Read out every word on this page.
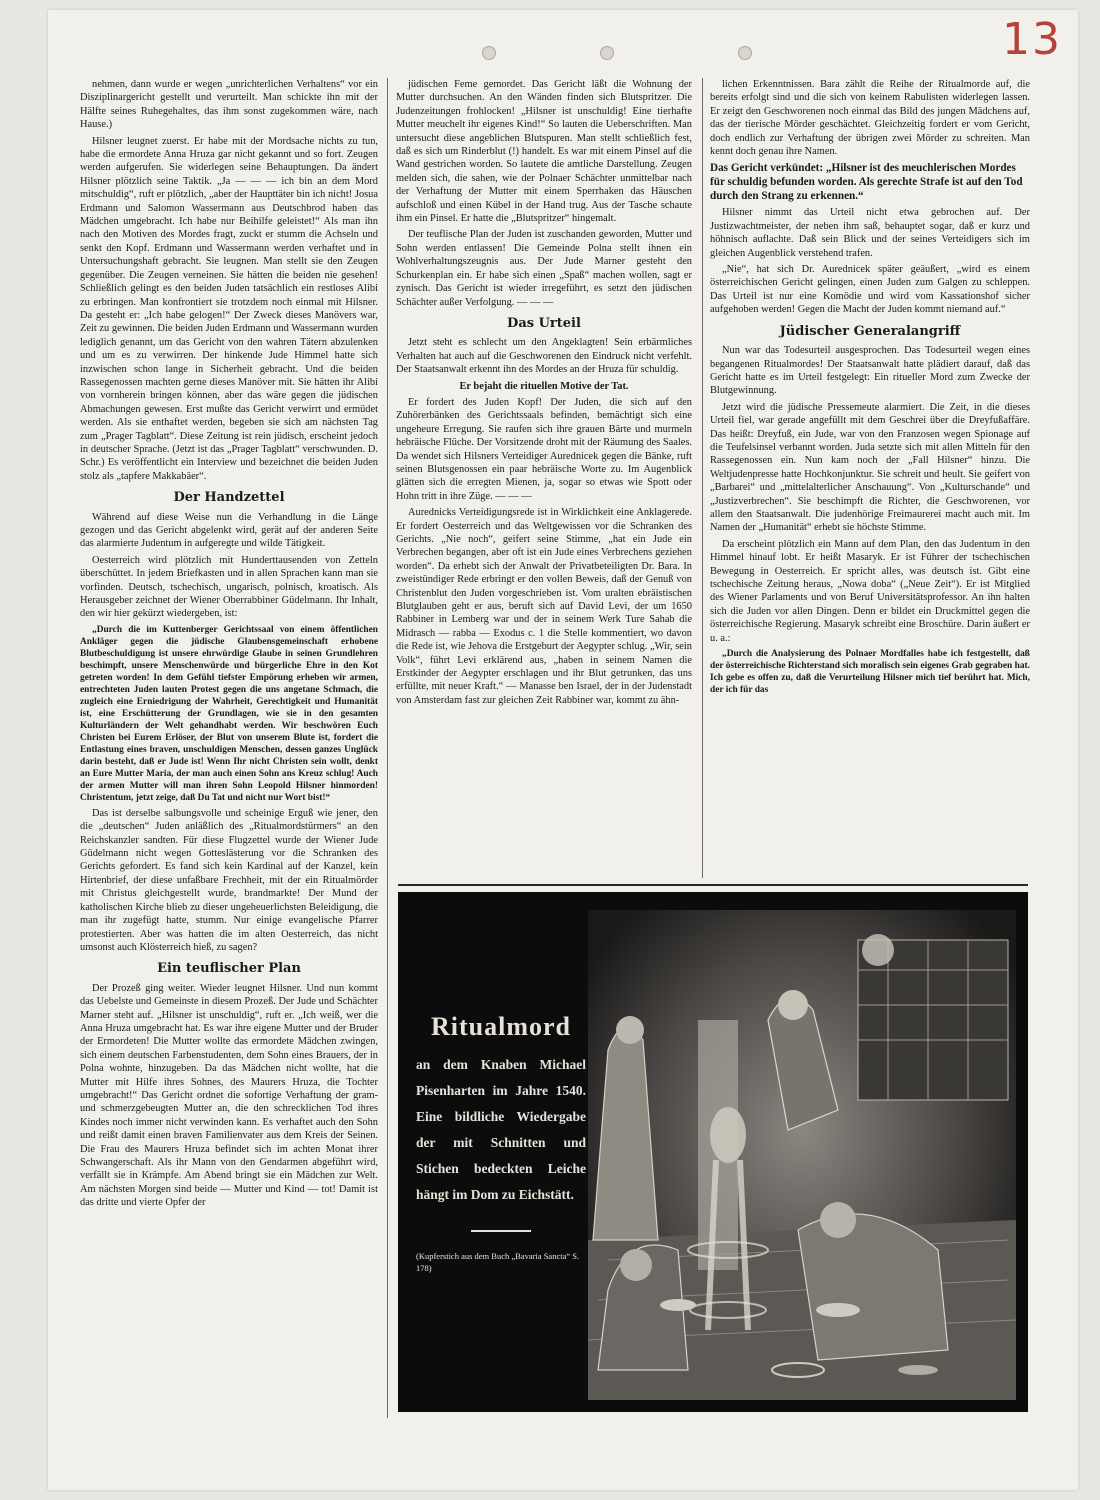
13

nehmen, dann wurde er wegen „unrichterlichen Verhaltens“ vor ein Disziplinargericht gestellt und verurteilt. Man schickte ihn mit der Hälfte seines Ruhegehaltes, das ihm sonst zugekommen wäre, nach Hause.)

Hilsner leugnet zuerst. Er habe mit der Mordsache nichts zu tun, habe die ermordete Anna Hruza gar nicht gekannt und so fort. Zeugen werden aufgerufen. Sie widerlegen seine Behauptungen. Da ändert Hilsner plötzlich seine Taktik. „Ja — — — ich bin an dem Mord mitschuldig“, ruft er plötzlich, „aber der Haupttäter bin ich nicht! Josua Erdmann und Salomon Wassermann aus Deutschbrod haben das Mädchen umgebracht. Ich habe nur Beihilfe geleistet!“ Als man ihn nach den Motiven des Mordes fragt, zuckt er stumm die Achseln und senkt den Kopf. Erdmann und Wassermann werden verhaftet und in Untersuchungshaft gebracht. Sie leugnen. Man stellt sie den Zeugen gegenüber. Die Zeugen verneinen. Sie hätten die beiden nie gesehen! Schließlich gelingt es den beiden Juden tatsächlich ein restloses Alibi zu erbringen. Man konfrontiert sie trotzdem noch einmal mit Hilsner. Da gesteht er: „Ich habe gelogen!“ Der Zweck dieses Manövers war, Zeit zu gewinnen. Die beiden Juden Erdmann und Wassermann wurden lediglich genannt, um das Gericht von den wahren Tätern abzulenken und um es zu verwirren. Der hinkende Jude Himmel hatte sich inzwischen schon lange in Sicherheit gebracht. Und die beiden Rassegenossen machten gerne dieses Manöver mit. Sie hätten ihr Alibi von vornherein bringen können, aber das wäre gegen die jüdischen Abmachungen gewesen. Erst mußte das Gericht verwirrt und ermüdet werden. Als sie enthaftet werden, begeben sie sich am nächsten Tag zum „Prager Tagblatt“. Diese Zeitung ist rein jüdisch, erscheint jedoch in deutscher Sprache. (Jetzt ist das „Prager Tagblatt“ verschwunden. D. Schr.) Es veröffentlicht ein Interview und bezeichnet die beiden Juden stolz als „tapfere Makkabäer“.

Der Handzettel

Während auf diese Weise nun die Verhandlung in die Länge gezogen und das Gericht abgelenkt wird, gerät auf der anderen Seite das alarmierte Judentum in aufgeregte und wilde Tätigkeit.

Oesterreich wird plötzlich mit Hunderttausenden von Zetteln überschüttet. In jedem Briefkasten und in allen Sprachen kann man sie vorfinden. Deutsch, tschechisch, ungarisch, polnisch, kroatisch. Als Herausgeber zeichnet der Wiener Oberrabbiner Güdelmann. Ihr Inhalt, den wir hier gekürzt wiedergeben, ist:

„Durch die im Kuttenberger Gerichtssaal von einem öffentlichen Ankläger gegen die jüdische Glaubensgemeinschaft erhobene Blutbeschuldigung ist unsere ehrwürdige Glaube in seinen Grundlehren beschimpft, unsere Menschenwürde und bürgerliche Ehre in den Kot getreten worden! In dem Gefühl tiefster Empörung erheben wir armen, entrechteten Juden lauten Protest gegen die uns angetane Schmach, die zugleich eine Erniedrigung der Wahrheit, Gerechtigkeit und Humanität ist, eine Erschütterung der Grundlagen, wie sie in den gesamten Kulturländern der Welt gehandhabt werden. Wir beschwören Euch Christen bei Eurem Erlöser, der Blut von unserem Blute ist, fordert die Entlastung eines braven, unschuldigen Menschen, dessen ganzes Unglück darin besteht, daß er Jude ist! Wenn Ihr nicht Christen sein wollt, denkt an Eure Mutter Maria, der man auch einen Sohn ans Kreuz schlug! Auch der armen Mutter will man ihren Sohn Leopold Hilsner hinmorden! Christentum, jetzt zeige, daß Du Tat und nicht nur Wort bist!“

Das ist derselbe salbungsvolle und scheinige Erguß wie jener, den die „deutschen“ Juden anläßlich des „Ritualmordstürmers“ an den Reichskanzler sandten. Für diese Flugzettel wurde der Wiener Jude Güdelmann nicht wegen Gotteslästerung vor die Schranken des Gerichts gefordert. Es fand sich kein Kardinal auf der Kanzel, kein Hirtenbrief, der diese unfaßbare Frechheit, mit der ein Ritualmörder mit Christus gleichgestellt wurde, brandmarkte! Der Mund der katholischen Kirche blieb zu dieser ungeheuerlichsten Beleidigung, die man ihr zugefügt hatte, stumm. Nur einige evangelische Pfarrer protestierten. Aber was hatten die im alten Oesterreich, das nicht umsonst auch Klösterreich hieß, zu sagen?

Ein teuflischer Plan

Der Prozeß ging weiter. Wieder leugnet Hilsner. Und nun kommt das Uebelste und Gemeinste in diesem Prozeß. Der Jude und Schächter Marner steht auf. „Hilsner ist unschuldig“, ruft er. „Ich weiß, wer die Anna Hruza umgebracht hat. Es war ihre eigene Mutter und der Bruder der Ermordeten! Die Mutter wollte das ermordete Mädchen zwingen, sich einem deutschen Farbenstudenten, dem Sohn eines Brauers, der in Polna wohnte, hinzugeben. Da das Mädchen nicht wollte, hat die Mutter mit Hilfe ihres Sohnes, des Maurers Hruza, die Tochter umgebracht!“ Das Gericht ordnet die sofortige Verhaftung der gram- und schmerzgebeugten Mutter an, die den schrecklichen Tod ihres Kindes noch immer nicht verwinden kann. Es verhaftet auch den Sohn und reißt damit einen braven Familienvater aus dem Kreis der Seinen. Die Frau des Maurers Hruza befindet sich im achten Monat ihrer Schwangerschaft. Als ihr Mann von den Gendarmen abgeführt wird, verfällt sie in Krämpfe. Am Abend bringt sie ein Mädchen zur Welt. Am nächsten Morgen sind beide — Mutter und Kind — tot! Damit ist das dritte und vierte Opfer der

jüdischen Feme gemordet. Das Gericht läßt die Wohnung der Mutter durchsuchen. An den Wänden finden sich Blutspritzer. Die Judenzeitungen frohlocken! „Hilsner ist unschuldig! Eine tierhafte Mutter meuchelt ihr eigenes Kind!“ So lauten die Ueberschriften. Man untersucht diese angeblichen Blutspuren. Man stellt schließlich fest, daß es sich um Rinderblut (!) handelt. Es war mit einem Pinsel auf die Wand gestrichen worden. So lautete die amtliche Darstellung. Zeugen melden sich, die sahen, wie der Polnaer Schächter unmittelbar nach der Verhaftung der Mutter mit einem Sperrhaken das Häuschen aufschloß und einen Kübel in der Hand trug. Aus der Tasche schaute ihm ein Pinsel. Er hatte die „Blutspritzer“ hingemalt.

Der teuflische Plan der Juden ist zuschanden geworden, Mutter und Sohn werden entlassen! Die Gemeinde Polna stellt ihnen ein Wohlverhaltungszeugnis aus. Der Jude Marner gesteht den Schurkenplan ein. Er habe sich einen „Spaß“ machen wollen, sagt er zynisch. Das Gericht ist wieder irregeführt, es setzt den jüdischen Schächter außer Verfolgung. — — —

Das Urteil

Jetzt steht es schlecht um den Angeklagten! Sein erbärmliches Verhalten hat auch auf die Geschworenen den Eindruck nicht verfehlt. Der Staatsanwalt erkennt ihn des Mordes an der Hruza für schuldig.

Er bejaht die rituellen Motive der Tat.

Er fordert des Juden Kopf! Der Juden, die sich auf den Zuhörerbänken des Gerichtssaals befinden, bemächtigt sich eine ungeheure Erregung. Sie raufen sich ihre grauen Bärte und murmeln hebräische Flüche. Der Vorsitzende droht mit der Räumung des Saales. Da wendet sich Hilsners Verteidiger Aurednicek gegen die Bänke, ruft seinen Blutsgenossen ein paar hebräische Worte zu. Im Augenblick glätten sich die erregten Mienen, ja, sogar so etwas wie Spott oder Hohn tritt in ihre Züge. — — —

Aurednicks Verteidigungsrede ist in Wirklichkeit eine Anklagerede. Er fordert Oesterreich und das Weltgewissen vor die Schranken des Gerichts. „Nie noch“, geifert seine Stimme, „hat ein Jude ein Verbrechen begangen, aber oft ist ein Jude eines Verbrechens geziehen worden“. Da erhebt sich der Anwalt der Privatbeteiligten Dr. Bara. In zweistündiger Rede erbringt er den vollen Beweis, daß der Genuß von Christenblut den Juden vorgeschrieben ist. Vom uralten ebräistischen Blutglauben geht er aus, beruft sich auf David Levi, der um 1650 Rabbiner in Lemberg war und der in seinem Werk Ture Sahab die Midrasch — rabba — Exodus c. 1 die Stelle kommentiert, wo davon die Rede ist, wie Jehova die Erstgeburt der Aegypter schlug. „Wir, sein Volk“, führt Levi erklärend aus, „haben in seinem Namen die Erstkinder der Aegypter erschlagen und ihr Blut getrunken, das uns erfüllte, mit neuer Kraft.“ — Manasse ben Israel, der in der Judenstadt von Amsterdam fast zur gleichen Zeit Rabbiner war, kommt zu ähn-

lichen Erkenntnissen. Bara zählt die Reihe der Ritualmorde auf, die bereits erfolgt sind und die sich von keinem Rabulisten widerlegen lassen. Er zeigt den Geschworenen noch einmal das Bild des jungen Mädchens auf, das der tierische Mörder geschächtet. Gleichzeitig fordert er vom Gericht, doch endlich zur Verhaftung der übrigen zwei Mörder zu schreiten. Man kennt doch genau ihre Namen.

Das Gericht verkündet: „Hilsner ist des meuchlerischen Mordes für schuldig befunden worden. Als gerechte Strafe ist auf den Tod durch den Strang zu erkennen.“

Hilsner nimmt das Urteil nicht etwa gebrochen auf. Der Justizwachtmeister, der neben ihm saß, behauptet sogar, daß er kurz und höhnisch auflachte. Daß sein Blick und der seines Verteidigers sich im gleichen Augenblick verstehend trafen.

„Nie“, hat sich Dr. Aurednicek später geäußert, „wird es einem österreichischen Gericht gelingen, einen Juden zum Galgen zu schleppen. Das Urteil ist nur eine Komödie und wird vom Kassationshof sicher aufgehoben werden! Gegen die Macht der Juden kommt niemand auf.“

Jüdischer Generalangriff

Nun war das Todesurteil ausgesprochen. Das Todesurteil wegen eines begangenen Ritualmordes! Der Staatsanwalt hatte plädiert darauf, daß das Gericht hatte es im Urteil festgelegt: Ein ritueller Mord zum Zwecke der Blutgewinnung.

Jetzt wird die jüdische Pressemeute alarmiert. Die Zeit, in die dieses Urteil fiel, war gerade angefüllt mit dem Geschrei über die Dreyfußaffäre. Das heißt: Dreyfuß, ein Jude, war von den Franzosen wegen Spionage auf die Teufelsinsel verbannt worden. Juda setzte sich mit allen Mitteln für den Rassegenossen ein. Nun kam noch der „Fall Hilsner“ hinzu. Die Weltjudenpresse hatte Hochkonjunktur. Sie schreit und heult. Sie geifert von „Barbarei“ und „mittelalterlicher Anschauung“. Von „Kulturschande“ und „Justizverbrechen“. Sie beschimpft die Richter, die Geschworenen, vor allem den Staatsanwalt. Die judenhörige Freimaurerei macht auch mit. Im Namen der „Humanität“ erhebt sie höchste Stimme.

Da erscheint plötzlich ein Mann auf dem Plan, den das Judentum in den Himmel hinauf lobt. Er heißt Masaryk. Er ist Führer der tschechischen Bewegung in Oesterreich. Er spricht alles, was deutsch ist. Gibt eine tschechische Zeitung heraus, „Nowa doba“ („Neue Zeit“). Er ist Mitglied des Wiener Parlaments und von Beruf Universitätsprofessor. An ihn halten sich die Juden vor allen Dingen. Denn er bildet ein Druckmittel gegen die österreichische Regierung. Masaryk schreibt eine Broschüre. Darin äußert er u. a.:

„Durch die Analysierung des Polnaer Mordfalles habe ich festgestellt, daß der österreichische Richterstand sich moralisch sein eigenes Grab gegraben hat. Ich gebe es offen zu, daß die Verurteilung Hilsner mich tief berührt hat. Mich, der ich für das

Ritualmord
an dem Knaben Michael Pisenharten im Jahre 1540. Eine bildliche Wiedergabe der mit Schnitten und Stichen bedeckten Leiche hängt im Dom zu Eichstätt.
(Kupferstich aus dem Buch „Bavaria Sancta“ S. 178)
